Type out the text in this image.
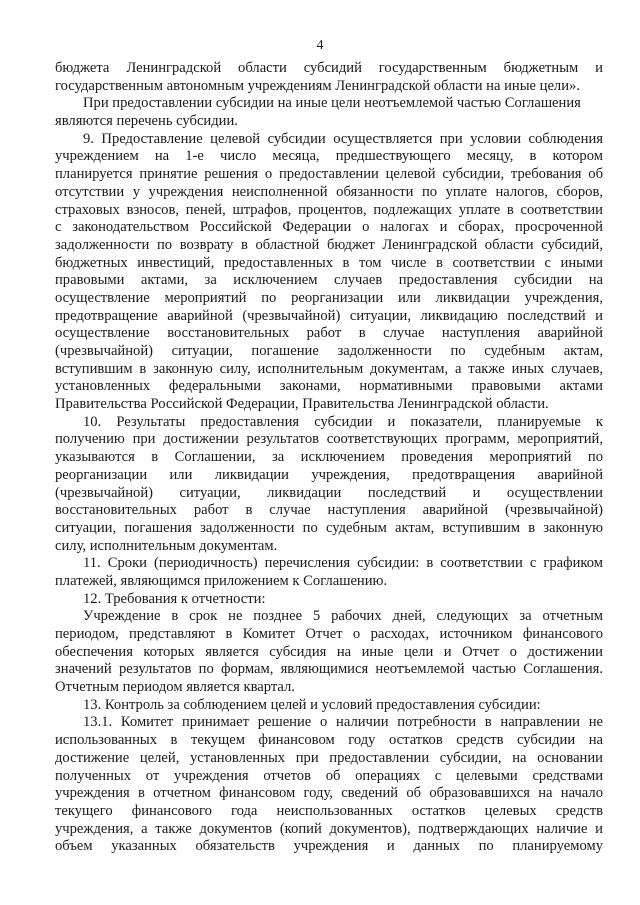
4
бюджета Ленинградской области субсидий государственным бюджетным и
государственным автономным учреждениям Ленинградской области на иные цели».
При предоставлении субсидии на иные цели неотъемлемой частью Соглашения
являются перечень субсидии.
9. Предоставление целевой субсидии осуществляется при условии соблюдения
учреждением на 1-е число месяца, предшествующего месяцу, в котором
планируется принятие решения о предоставлении целевой субсидии, требования об
отсутствии у учреждения неисполненной обязанности по уплате налогов, сборов,
страховых взносов, пеней, штрафов, процентов, подлежащих уплате в соответствии
с законодательством Российской Федерации о налогах и сборах, просроченной
задолженности по возврату в областной бюджет Ленинградской области субсидий,
бюджетных инвестиций, предоставленных в том числе в соответствии с иными
правовыми актами, за исключением случаев предоставления субсидии на
осуществление мероприятий по реорганизации или ликвидации учреждения,
предотвращение аварийной (чрезвычайной) ситуации, ликвидацию последствий и
осуществление восстановительных работ в случае наступления аварийной
(чрезвычайной) ситуации, погашение задолженности по судебным актам,
вступившим в законную силу, исполнительным документам, а также иных случаев,
установленных федеральными законами, нормативными правовыми актами
Правительства Российской Федерации, Правительства Ленинградской области.
10. Результаты предоставления субсидии и показатели, планируемые к
получению при достижении результатов соответствующих программ, мероприятий,
указываются в Соглашении, за исключением проведения мероприятий по
реорганизации или ликвидации учреждения, предотвращения аварийной
(чрезвычайной) ситуации, ликвидации последствий и осуществлении
восстановительных работ в случае наступления аварийной (чрезвычайной)
ситуации, погашения задолженности по судебным актам, вступившим в законную
силу, исполнительным документам.
11. Сроки (периодичность) перечисления субсидии: в соответствии с графиком
платежей, являющимся приложением к Соглашению.
12. Требования к отчетности:
Учреждение в срок не позднее 5 рабочих дней, следующих за отчетным
периодом, представляют в Комитет Отчет о расходах, источником финансового
обеспечения которых является субсидия на иные цели и Отчет о достижении
значений результатов по формам, являющимися неотъемлемой частью Соглашения.
Отчетным периодом является квартал.
13. Контроль за соблюдением целей и условий предоставления субсидии:
13.1. Комитет принимает решение о наличии потребности в направлении не
использованных в текущем финансовом году остатков средств субсидии на
достижение целей, установленных при предоставлении субсидии, на основании
полученных от учреждения отчетов об операциях с целевыми средствами
учреждения в отчетном финансовом году, сведений об образовавшихся на начало
текущего финансового года неиспользованных остатков целевых средств
учреждения, а также документов (копий документов), подтверждающих наличие и
объем указанных обязательств учреждения и данных по планируемому
